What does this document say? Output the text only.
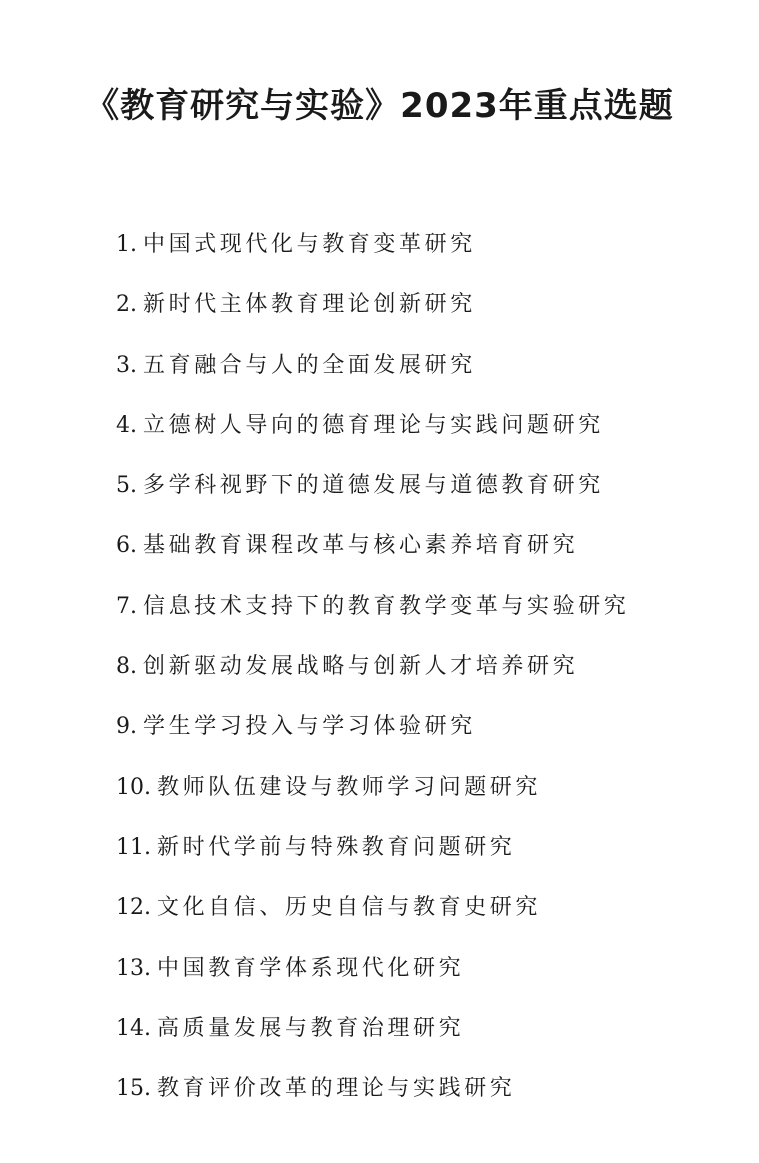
《教育研究与实验》2023年重点选题
1. 中国式现代化与教育变革研究
2. 新时代主体教育理论创新研究
3. 五育融合与人的全面发展研究
4. 立德树人导向的德育理论与实践问题研究
5. 多学科视野下的道德发展与道德教育研究
6. 基础教育课程改革与核心素养培育研究
7. 信息技术支持下的教育教学变革与实验研究
8. 创新驱动发展战略与创新人才培养研究
9. 学生学习投入与学习体验研究
10. 教师队伍建设与教师学习问题研究
11. 新时代学前与特殊教育问题研究
12. 文化自信、历史自信与教育史研究
13. 中国教育学体系现代化研究
14. 高质量发展与教育治理研究
15. 教育评价改革的理论与实践研究
